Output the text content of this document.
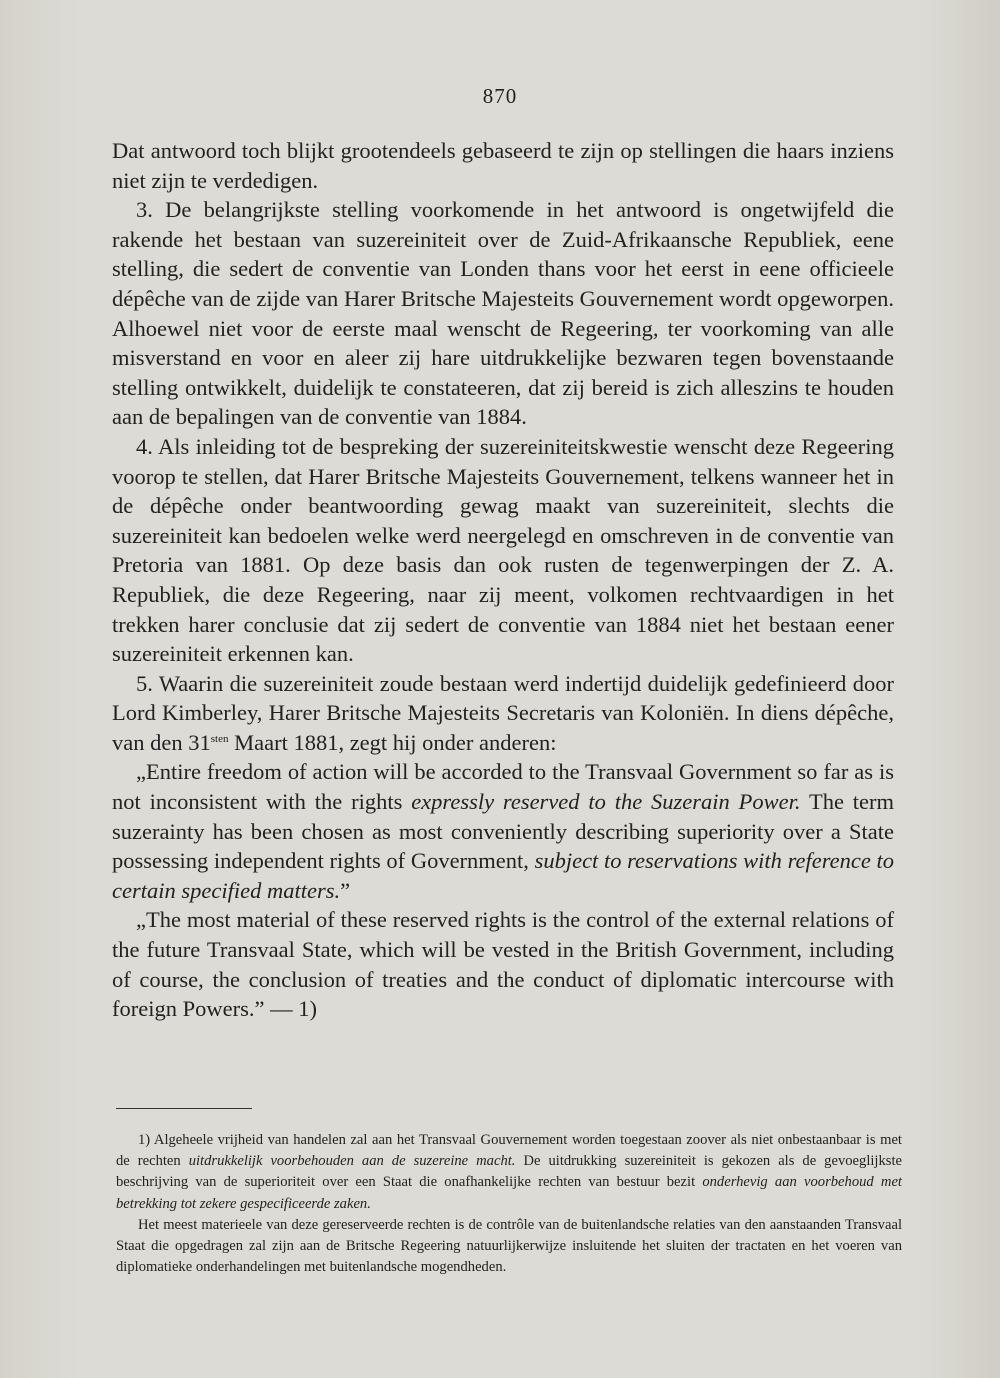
870

Dat antwoord toch blijkt grootendeels gebaseerd te zijn op stellingen die haars inziens niet zijn te verdedigen.

3. De belangrijkste stelling voorkomende in het antwoord is ongetwijfeld die rakende het bestaan van suzereiniteit over de Zuid-Afrikaansche Republiek, eene stelling, die sedert de conventie van Londen thans voor het eerst in eene officieele dépêche van de zijde van Harer Britsche Majesteits Gouvernement wordt opgeworpen. Alhoewel niet voor de eerste maal wenscht de Regeering, ter voorkoming van alle misverstand en voor en aleer zij hare uitdrukkelijke bezwaren tegen bovenstaande stelling ontwikkelt, duidelijk te constateeren, dat zij bereid is zich alleszins te houden aan de bepalingen van de conventie van 1884.

4. Als inleiding tot de bespreking der suzereiniteitskwestie wenscht deze Regeering voorop te stellen, dat Harer Britsche Majesteits Gouvernement, telkens wanneer het in de dépêche onder beantwoording gewag maakt van suzereiniteit, slechts die suzereiniteit kan bedoelen welke werd neergelegd en omschreven in de conventie van Pretoria van 1881. Op deze basis dan ook rusten de tegenwerpingen der Z. A. Republiek, die deze Regeering, naar zij meent, volkomen rechtvaardigen in het trekken harer conclusie dat zij sedert de conventie van 1884 niet het bestaan eener suzereiniteit erkennen kan.

5. Waarin die suzereiniteit zoude bestaan werd indertijd duidelijk gedefinieerd door Lord Kimberley, Harer Britsche Majesteits Secretaris van Koloniën. In diens dépêche, van den $31^{sten}$ Maart 1881, zegt hij onder anderen:

„Entire freedom of action will be accorded to the Transvaal Government so far as is not inconsistent with the rights expressly reserved to the Suzerain Power. The term suzerainty has been chosen as most conveniently describing superiority over a State possessing independent rights of Government, subject to reservations with reference to certain specified matters.”

„The most material of these reserved rights is the control of the external relations of the future Transvaal State, which will be vested in the British Government, including of course, the conclusion of treaties and the conduct of diplomatic intercourse with foreign Powers.” — 1)

1) Algeheele vrijheid van handelen zal aan het Transvaal Gouvernement worden toegestaan zoover als niet onbestaanbaar is met de rechten uitdrukkelijk voorbehouden aan de suzereine macht. De uitdrukking suzereiniteit is gekozen als de gevoeglijkste beschrijving van de superioriteit over een Staat die onafhankelijke rechten van bestuur bezit onderhevig aan voorbehoud met betrekking tot zekere gespecificeerde zaken.

Het meest materieele van deze gereserveerde rechten is de contrôle van de buitenlandsche relaties van den aanstaanden Transvaal Staat die opgedragen zal zijn aan de Britsche Regeering natuurlijkerwijze insluitende het sluiten der tractaten en het voeren van diplomatieke onderhandelingen met buitenlandsche mogendheden.
